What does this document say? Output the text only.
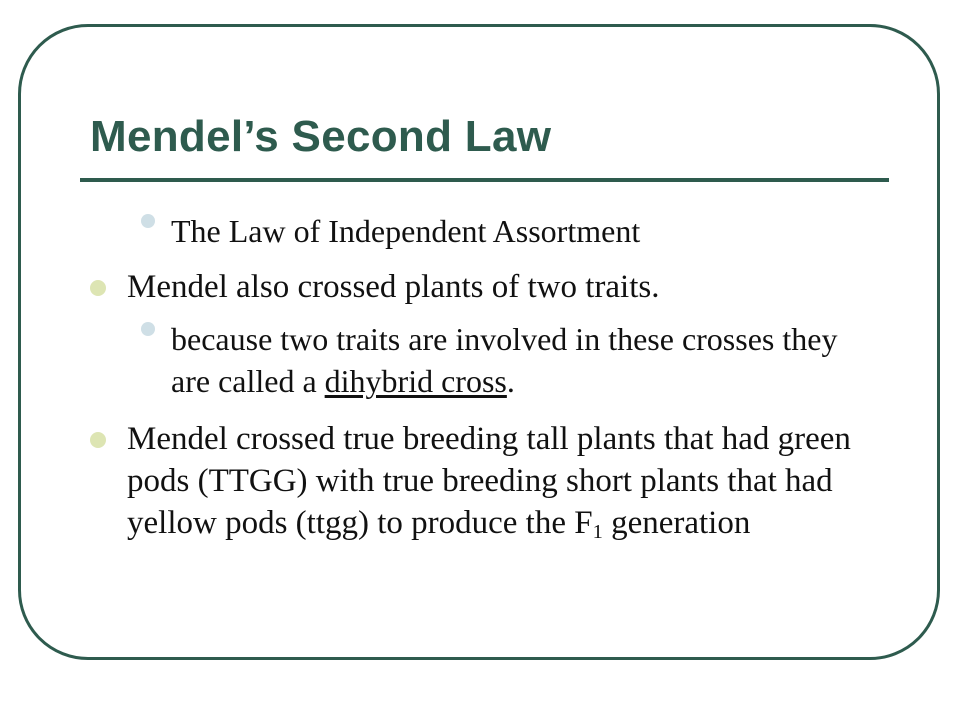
Mendel’s Second Law
The Law of Independent Assortment
Mendel also crossed plants of two traits.
because two traits are involved in these crosses they are called a dihybrid cross.
Mendel crossed true breeding tall plants that had green pods (TTGG) with true breeding short plants that had yellow pods (ttgg) to produce the $F_1$ generation
